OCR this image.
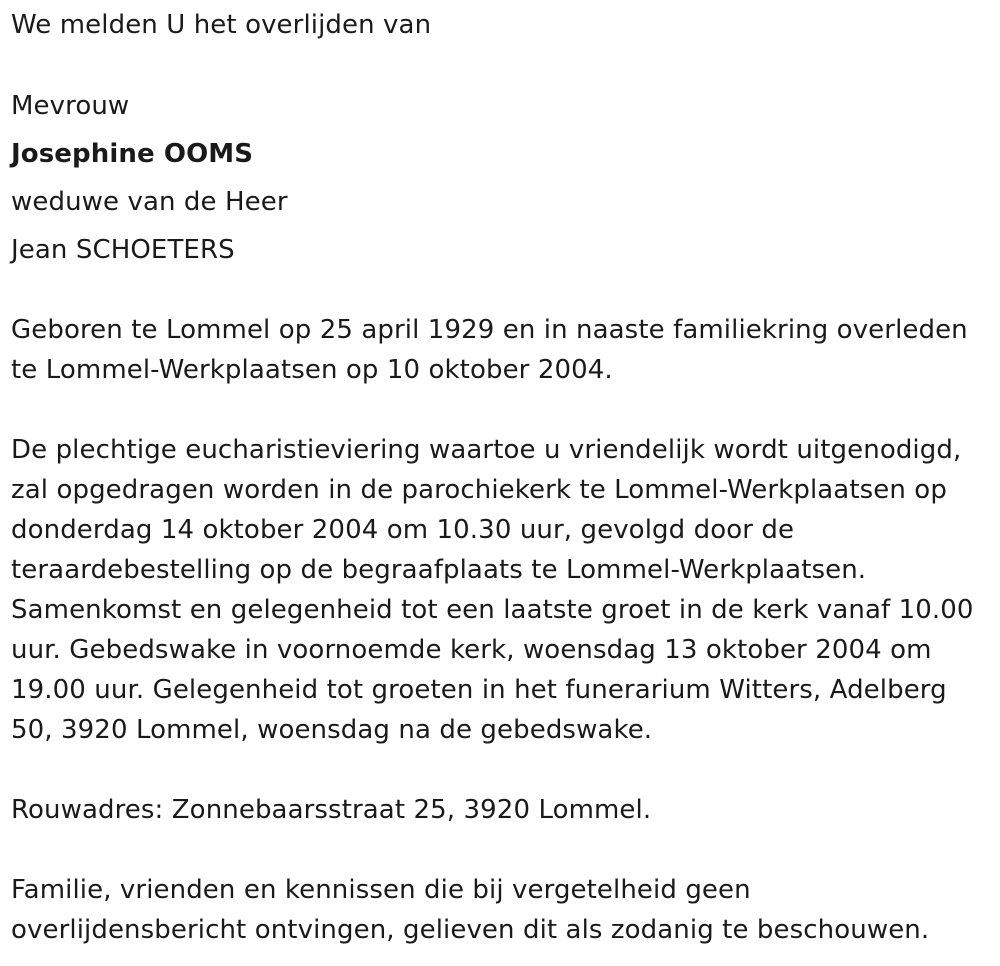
We melden U het overlijden van

Mevrouw

Josephine OOMS

weduwe van de Heer

Jean SCHOETERS

Geboren te Lommel op 25 april 1929 en in naaste familiekring overleden

te Lommel-Werkplaatsen op 10 oktober 2004.

De plechtige eucharistieviering waartoe u vriendelijk wordt uitgenodigd,

zal opgedragen worden in de parochiekerk te Lommel-Werkplaatsen op

donderdag 14 oktober 2004 om 10.30 uur, gevolgd door de

teraardebestelling op de begraafplaats te Lommel-Werkplaatsen.

Samenkomst en gelegenheid tot een laatste groet in de kerk vanaf 10.00

uur. Gebedswake in voornoemde kerk, woensdag 13 oktober 2004 om

19.00 uur. Gelegenheid tot groeten in het funerarium Witters, Adelberg

50, 3920 Lommel, woensdag na de gebedswake.

Rouwadres: Zonnebaarsstraat 25, 3920 Lommel.

Familie, vrienden en kennissen die bij vergetelheid geen

overlijdensbericht ontvingen, gelieven dit als zodanig te beschouwen.
